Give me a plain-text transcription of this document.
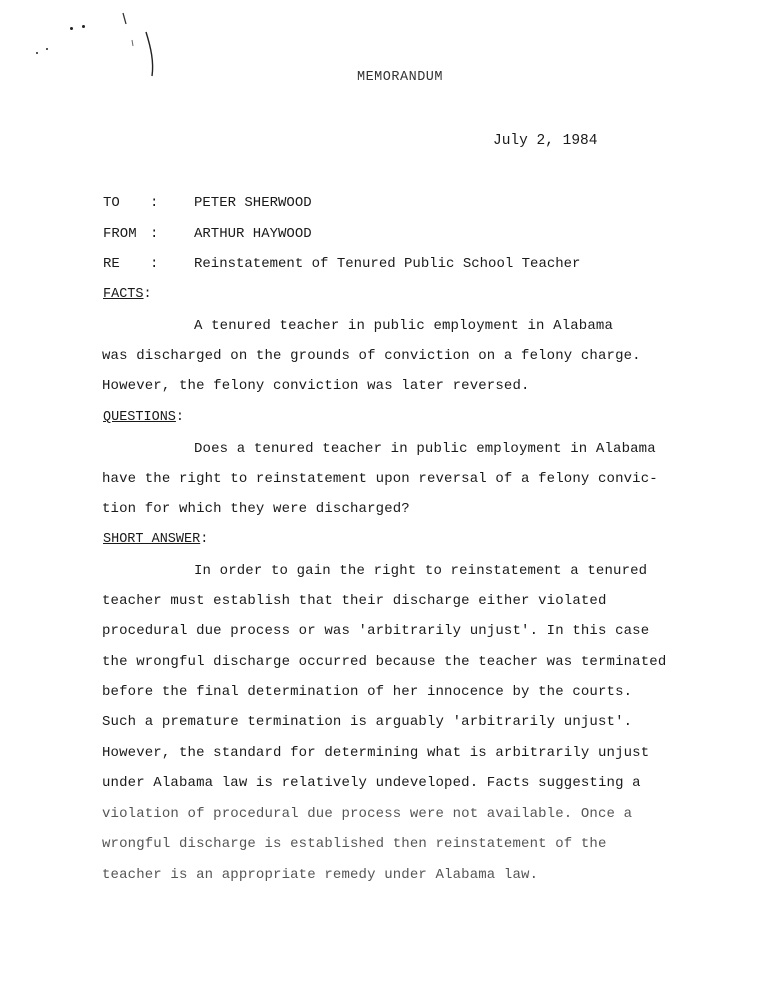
MEMORANDUM
July 2, 1984
TO :	PETER SHERWOOD
FROM :	ARTHUR HAYWOOD
RE :	Reinstatement of Tenured Public School Teacher
FACTS:
A tenured teacher in public employment in Alabama
was discharged on the grounds of conviction on a felony charge.
However, the felony conviction was later reversed.
QUESTIONS:
Does a tenured teacher in public employment in Alabama
have the right to reinstatement upon reversal of a felony convic-
tion for which they were discharged?
SHORT ANSWER:
In order to gain the right to reinstatement a tenured
teacher must establish that their discharge either violated
procedural due process or was 'arbitrarily unjust'. In this case
the wrongful discharge occurred because the teacher was terminated
before the final determination of her innocence by the courts.
Such a premature termination is arguably 'arbitrarily unjust'.
However, the standard for determining what is arbitrarily unjust
under Alabama law is relatively undeveloped. Facts suggesting a
violation of procedural due process were not available. Once a
wrongful discharge is established then reinstatement of the
teacher is an appropriate remedy under Alabama law.
